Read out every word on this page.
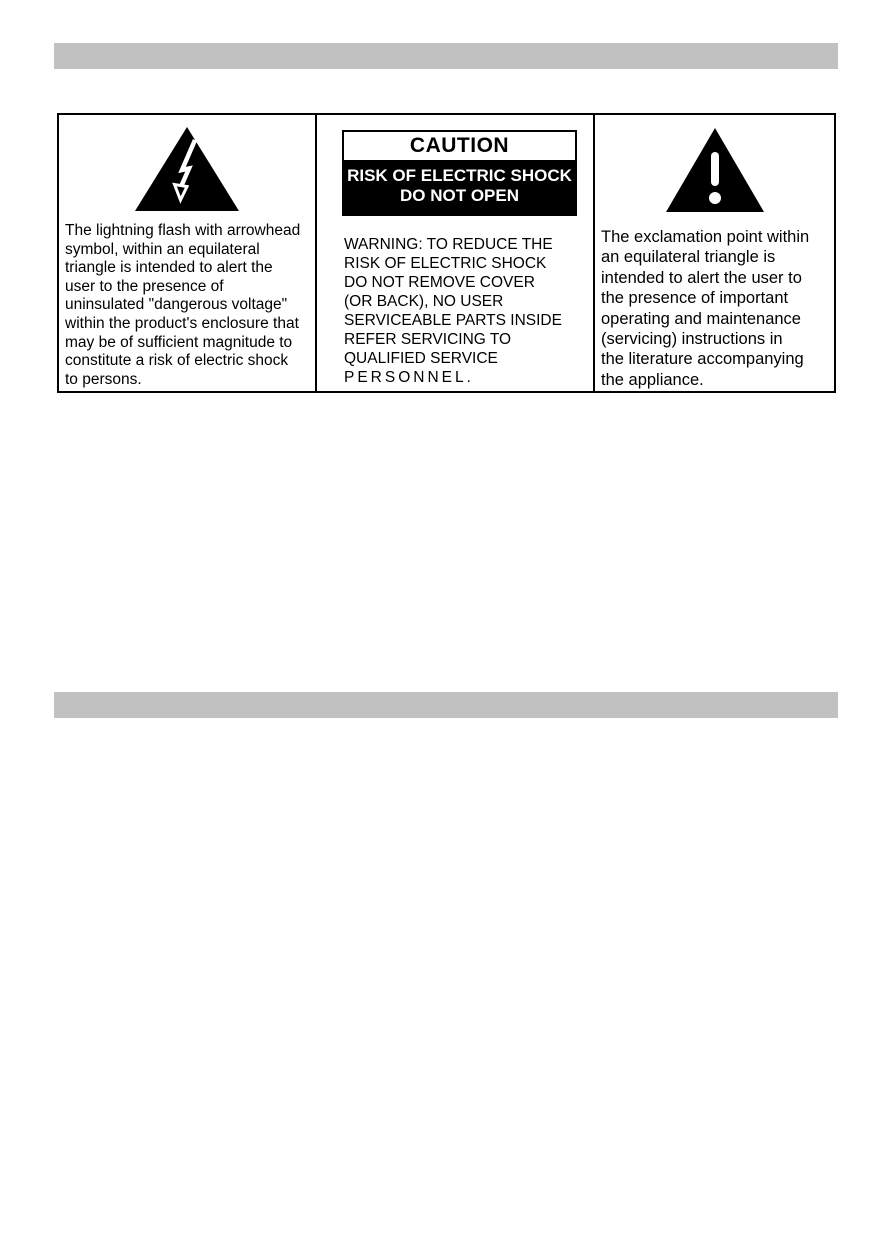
The lightning flash with arrowhead
symbol, within an equilateral
triangle is intended to alert the
user to the presence of
uninsulated "dangerous voltage"
within the product's enclosure that
may be of sufficient magnitude to
constitute a risk of electric shock
to persons.
CAUTION
RISK OF ELECTRIC SHOCK
DO NOT OPEN
WARNING: TO REDUCE THE
RISK OF ELECTRIC SHOCK
DO NOT REMOVE COVER
(OR BACK), NO USER
SERVICEABLE PARTS INSIDE
REFER SERVICING TO
QUALIFIED SERVICE
PERSONNEL.
The exclamation point within
an equilateral triangle is
intended to alert the user to
the presence of important
operating and maintenance
(servicing) instructions in
the literature accompanying
the appliance.
